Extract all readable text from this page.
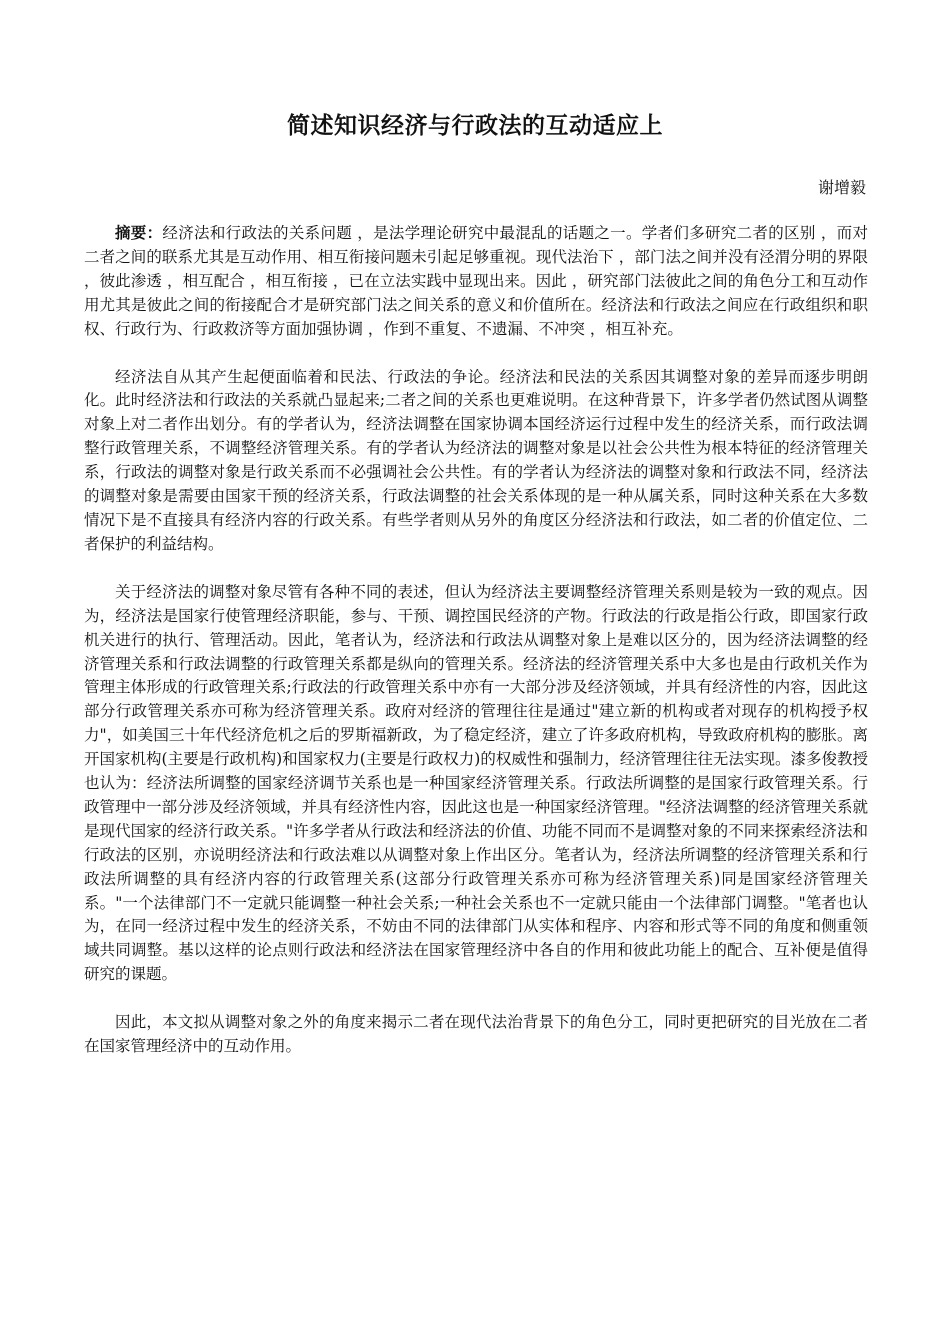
简述知识经济与行政法的互动适应上
谢增毅

摘要：经济法和行政法的关系问题 ，是法学理论研究中最混乱的话题之一。学者们多研究二者的区别 ，而对二者之间的联系尤其是互动作用、相互衔接问题未引起足够重视。现代法治下 ，部门法之间并没有泾渭分明的界限 ，彼此渗透 ，相互配合 ，相互衔接 ，已在立法实践中显现出来。因此 ，研究部门法彼此之间的角色分工和互动作用尤其是彼此之间的衔接配合才是研究部门法之间关系的意义和价值所在。经济法和行政法之间应在行政组织和职权、行政行为、行政救济等方面加强协调 ，作到不重复、不遗漏、不冲突 ，相互补充。

经济法自从其产生起便面临着和民法、行政法的争论。经济法和民法的关系因其调整对象的差异而逐步明朗化。此时经济法和行政法的关系就凸显起来;二者之间的关系也更难说明。在这种背景下，许多学者仍然试图从调整对象上对二者作出划分。有的学者认为，经济法调整在国家协调本国经济运行过程中发生的经济关系，而行政法调整行政管理关系，不调整经济管理关系。有的学者认为经济法的调整对象是以社会公共性为根本特征的经济管理关系，行政法的调整对象是行政关系而不必强调社会公共性。有的学者认为经济法的调整对象和行政法不同，经济法的调整对象是需要由国家干预的经济关系，行政法调整的社会关系体现的是一种从属关系，同时这种关系在大多数情况下是不直接具有经济内容的行政关系。有些学者则从另外的角度区分经济法和行政法，如二者的价值定位、二者保护的利益结构。

关于经济法的调整对象尽管有各种不同的表述，但认为经济法主要调整经济管理关系则是较为一致的观点。因为，经济法是国家行使管理经济职能，参与、干预、调控国民经济的产物。行政法的行政是指公行政，即国家行政机关进行的执行、管理活动。因此，笔者认为，经济法和行政法从调整对象上是难以区分的，因为经济法调整的经济管理关系和行政法调整的行政管理关系都是纵向的管理关系。经济法的经济管理关系中大多也是由行政机关作为管理主体形成的行政管理关系;行政法的行政管理关系中亦有一大部分涉及经济领域，并具有经济性的内容，因此这部分行政管理关系亦可称为经济管理关系。政府对经济的管理往往是通过"建立新的机构或者对现存的机构授予权力"，如美国三十年代经济危机之后的罗斯福新政，为了稳定经济，建立了许多政府机构，导致政府机构的膨胀。离开国家机构(主要是行政机构)和国家权力(主要是行政权力)的权威性和强制力，经济管理往往无法实现。漆多俊教授也认为：经济法所调整的国家经济调节关系也是一种国家经济管理关系。行政法所调整的是国家行政管理关系。行政管理中一部分涉及经济领域，并具有经济性内容，因此这也是一种国家经济管理。"经济法调整的经济管理关系就是现代国家的经济行政关系。"许多学者从行政法和经济法的价值、功能不同而不是调整对象的不同来探索经济法和行政法的区别，亦说明经济法和行政法难以从调整对象上作出区分。笔者认为，经济法所调整的经济管理关系和行政法所调整的具有经济内容的行政管理关系(这部分行政管理关系亦可称为经济管理关系)同是国家经济管理关系。"一个法律部门不一定就只能调整一种社会关系;一种社会关系也不一定就只能由一个法律部门调整。"笔者也认为，在同一经济过程中发生的经济关系，不妨由不同的法律部门从实体和程序、内容和形式等不同的角度和侧重领域共同调整。基以这样的论点则行政法和经济法在国家管理经济中各自的作用和彼此功能上的配合、互补便是值得研究的课题。

因此，本文拟从调整对象之外的角度来揭示二者在现代法治背景下的角色分工，同时更把研究的目光放在二者在国家管理经济中的互动作用。
